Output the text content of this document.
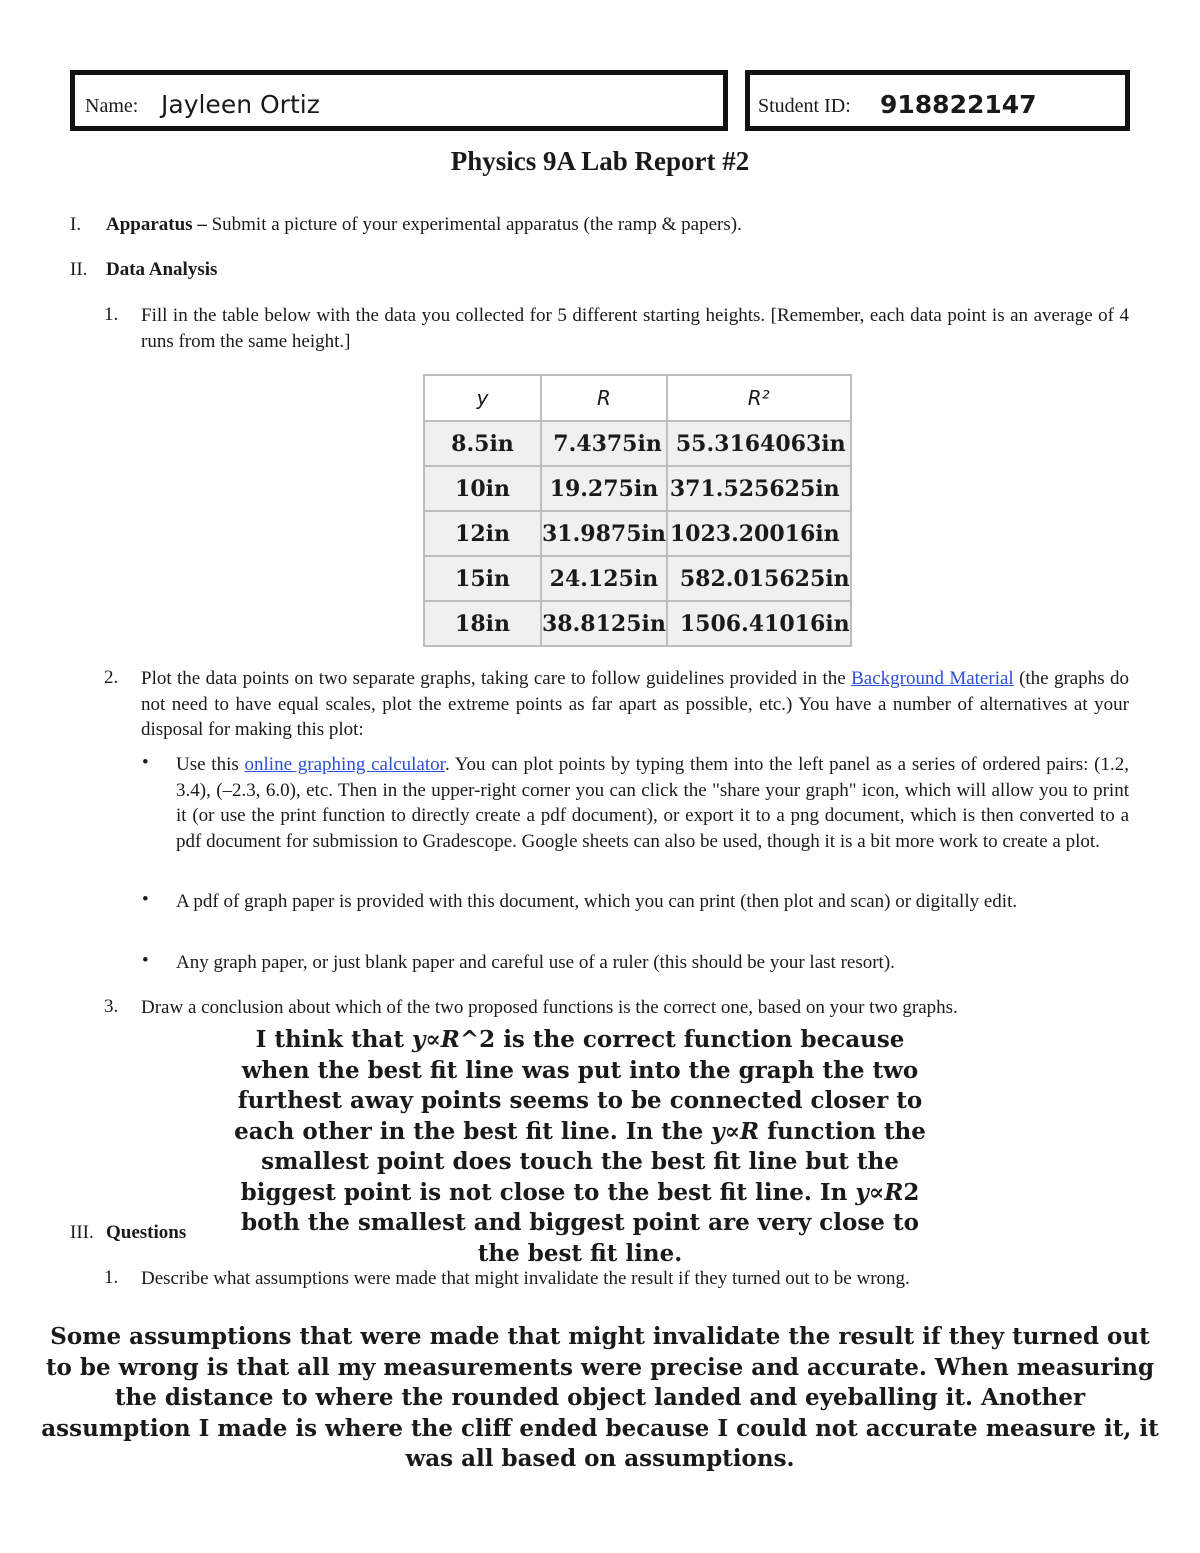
Name: Jayleen Ortiz	Student ID: 918822147
Physics 9A Lab Report #2
I. Apparatus – Submit a picture of your experimental apparatus (the ramp & papers).
II. Data Analysis
1. Fill in the table below with the data you collected for 5 different starting heights. [Remember, each data point is an average of 4 runs from the same height.]
y	R	R²
8.5in	7.4375in	55.3164063in
10in	19.275in	371.525625in
12in	31.9875in	1023.20016in
15in	24.125in	582.015625in
18in	38.8125in	1506.41016in
2. Plot the data points on two separate graphs, taking care to follow guidelines provided in the Background Material (the graphs do not need to have equal scales, plot the extreme points as far apart as possible, etc.) You have a number of alternatives at your disposal for making this plot:
• Use this online graphing calculator. You can plot points by typing them into the left panel as a series of ordered pairs: (1.2, 3.4), (–2.3, 6.0), etc. Then in the upper-right corner you can click the "share your graph" icon, which will allow you to print it (or use the print function to directly create a pdf document), or export it to a png document, which is then converted to a pdf document for submission to Gradescope. Google sheets can also be used, though it is a bit more work to create a plot.
• A pdf of graph paper is provided with this document, which you can print (then plot and scan) or digitally edit.
• Any graph paper, or just blank paper and careful use of a ruler (this should be your last resort).
3. Draw a conclusion about which of the two proposed functions is the correct one, based on your two graphs.
I think that y∝R^2 is the correct function because when the best fit line was put into the graph the two furthest away points seems to be connected closer to each other in the best fit line. In the y∝R function the smallest point does touch the best fit line but the biggest point is not close to the best fit line. In y∝R2 both the smallest and biggest point are very close to the best fit line.
III. Questions
1. Describe what assumptions were made that might invalidate the result if they turned out to be wrong.
Some assumptions that were made that might invalidate the result if they turned out to be wrong is that all my measurements were precise and accurate. When measuring the distance to where the rounded object landed and eyeballing it. Another assumption I made is where the cliff ended because I could not accurate measure it, it was all based on assumptions.
